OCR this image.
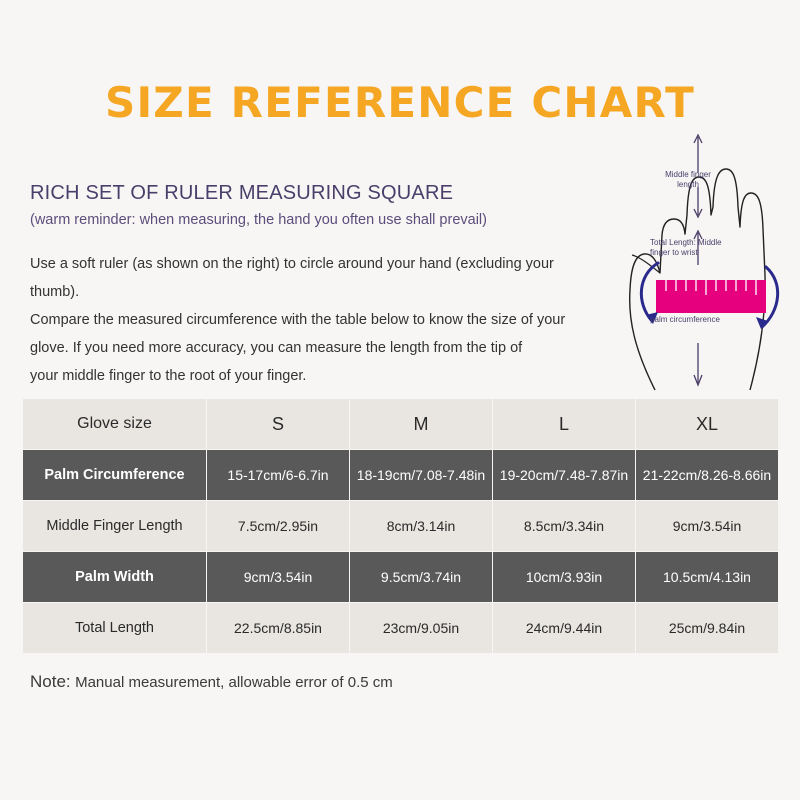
SIZE REFERENCE CHART
RICH SET OF RULER MEASURING SQUARE
(warm reminder: when measuring, the hand you often use shall prevail)

Use a soft ruler (as shown on the right) to circle around your hand (excluding your thumb).

Compare the measured circumference with the table below to know the size of your

glove. If you need more accuracy, you can measure the length from the tip of

your middle finger to the root of your finger.

Middle finger length
Total Length: Middle finger to wrist
palm circumference
Glove size	S	M	L	XL
Palm Circumference	15-17cm/6-6.7in	18-19cm/7.08-7.48in	19-20cm/7.48-7.87in	21-22cm/8.26-8.66in
Middle Finger Length	7.5cm/2.95in	8cm/3.14in	8.5cm/3.34in	9cm/3.54in
Palm Width	9cm/3.54in	9.5cm/3.74in	10cm/3.93in	10.5cm/4.13in
Total Length	22.5cm/8.85in	23cm/9.05in	24cm/9.44in	25cm/9.84in
Note: Manual measurement, allowable error of 0.5 cm
